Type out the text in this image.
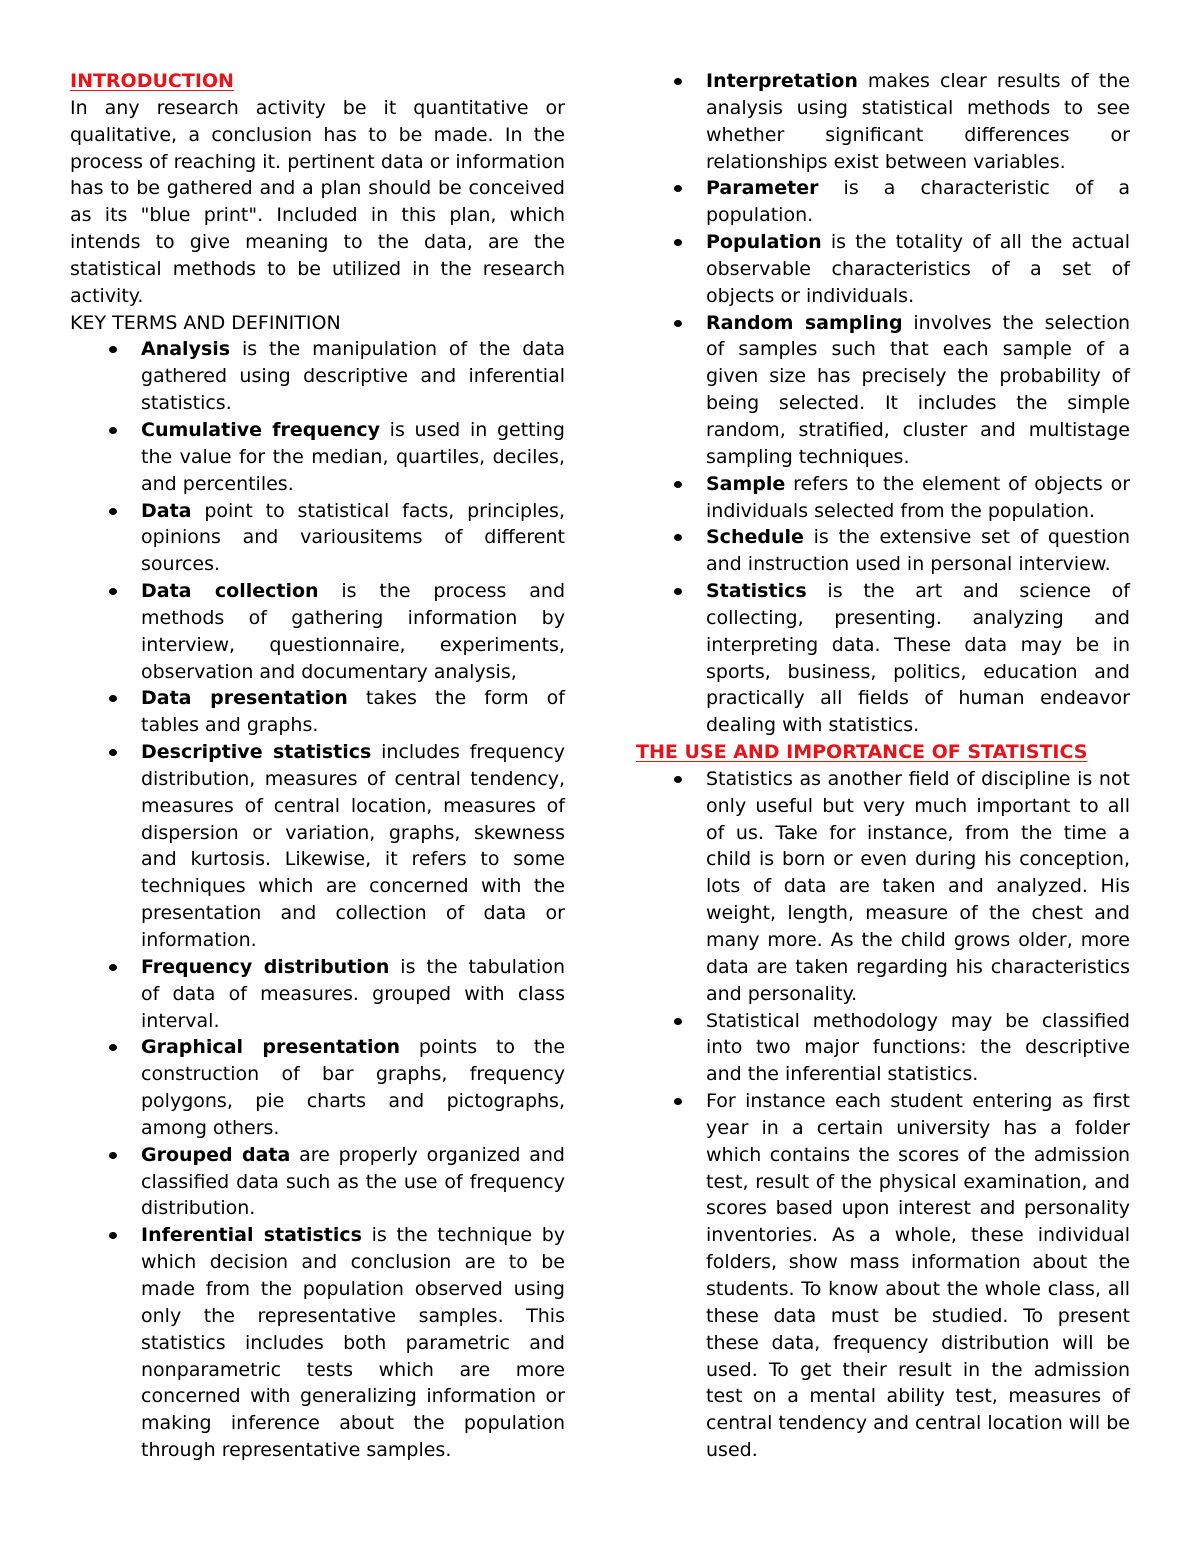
INTRODUCTION

In any research activity be it quantitative or qualitative, a conclusion has to be made. In the process of reaching it. pertinent data or information has to be gathered and a plan should be conceived as its "blue print". Included in this plan, which intends to give meaning to the data, are the statistical methods to be utilized in the research activity.

KEY TERMS AND DEFINITION
Analysis is the manipulation of the data gathered using descriptive and inferential statistics.
Cumulative frequency is used in getting the value for the median, quartiles, deciles, and percentiles.
Data point to statistical facts, principles, opinions and variousitems of different sources.
Data collection is the process and methods of gathering information by interview, questionnaire, experiments, observation and documentary analysis,
Data presentation takes the form of tables and graphs.
Descriptive statistics includes frequency distribution, measures of central tendency, measures of central location, measures of dispersion or variation, graphs, skewness and kurtosis. Likewise, it refers to some techniques which are concerned with the presentation and collection of data or information.
Frequency distribution is the tabulation of data of measures. grouped with class interval.
Graphical presentation points to the construction of bar graphs, frequency polygons, pie charts and pictographs, among others.
Grouped data are properly organized and classified data such as the use of frequency distribution.
Inferential statistics is the technique by which decision and conclusion are to be made from the population observed using only the representative samples. This statistics includes both parametric and nonparametric tests which are more concerned with generalizing information or making inference about the population through representative samples.
Interpretation makes clear results of the analysis using statistical methods to see whether significant differences or relationships exist between variables.
Parameter is a characteristic of a population.
Population is the totality of all the actual observable characteristics of a set of objects or individuals.
Random sampling involves the selection of samples such that each sample of a given size has precisely the probability of being selected. It includes the simple random, stratified, cluster and multistage sampling techniques.
Sample refers to the element of objects or individuals selected from the population.
Schedule is the extensive set of question and instruction used in personal interview.
Statistics is the art and science of collecting, presenting. analyzing and interpreting data. These data may be in sports, business, politics, education and practically all fields of human endeavor dealing with statistics.
THE USE AND IMPORTANCE OF STATISTICS
Statistics as another field of discipline is not only useful but very much important to all of us. Take for instance, from the time a child is born or even during his conception, lots of data are taken and analyzed. His weight, length, measure of the chest and many more. As the child grows older, more data are taken regarding his characteristics and personality.
Statistical methodology may be classified into two major functions: the descriptive and the inferential statistics.
For instance each student entering as first year in a certain university has a folder which contains the scores of the admission test, result of the physical examination, and scores based upon interest and personality inventories. As a whole, these individual folders, show mass information about the students. To know about the whole class, all these data must be studied. To present these data, frequency distribution will be used. To get their result in the admission test on a mental ability test, measures of central tendency and central location will be used.
